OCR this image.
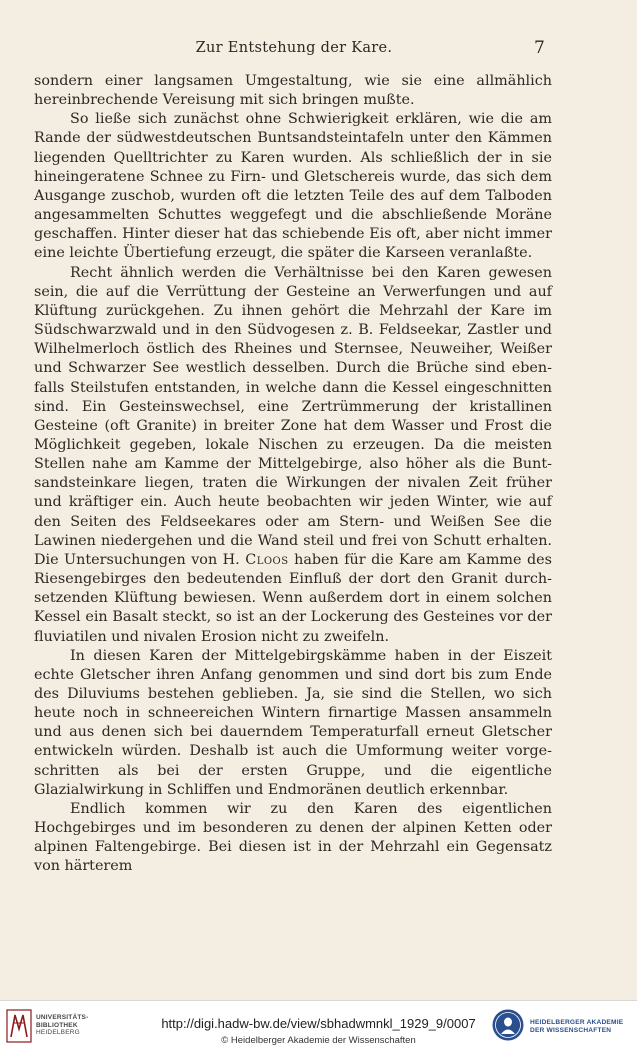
Zur Entstehung der Kare.	7

sondern einer langsamen Umgestaltung, wie sie eine allmählich hereinbrechende Vereisung mit sich bringen mußte.

So ließe sich zunächst ohne Schwierigkeit erklären, wie die am Rande der südwestdeutschen Buntsandsteintafeln unter den Kämmen liegenden Quelltrichter zu Karen wurden. Als schließlich der in sie hineingeratene Schnee zu Firn- und Gletschereis wurde, das sich dem Ausgange zuschob, wurden oft die letzten Teile des auf dem Talboden angesammelten Schuttes weggefegt und die abschließende Moräne geschaffen. Hinter dieser hat das schiebende Eis oft, aber nicht immer eine leichte Übertiefung erzeugt, die später die Karseen veranlaßte.

Recht ähnlich werden die Verhältnisse bei den Karen gewesen sein, die auf die Verrüttung der Gesteine an Verwerfungen und auf Klüftung zurückgehen. Zu ihnen gehört die Mehrzahl der Kare im Südschwarzwald und in den Südvogesen z. B. Feldseekar, Zastler und Wilhelmerloch östlich des Rheines und Sternsee, Neuweiher, Weißer und Schwarzer See westlich desselben. Durch die Brüche sind ebenfalls Steilstufen entstanden, in welche dann die Kessel eingeschnitten sind. Ein Gesteinswechsel, eine Zertrümmerung der kristallinen Gesteine (oft Granite) in breiter Zone hat dem Wasser und Frost die Möglichkeit gegeben, lokale Nischen zu erzeugen. Da die meisten Stellen nahe am Kamme der Mittelgebirge, also höher als die Buntsandsteinkare liegen, traten die Wirkungen der nivalen Zeit früher und kräftiger ein. Auch heute beobachten wir jeden Winter, wie auf den Seiten des Feldseekares oder am Stern- und Weißen See die Lawinen niedergehen und die Wand steil und frei von Schutt erhalten. Die Untersuchungen von H. Cloos haben für die Kare am Kamme des Riesengebirges den bedeutenden Einfluß der dort den Granit durchsetzenden Klüftung bewiesen. Wenn außerdem dort in einem solchen Kessel ein Basalt steckt, so ist an der Lockerung des Gesteines vor der fluviatilen und nivalen Erosion nicht zu zweifeln.

In diesen Karen der Mittelgebirgskämme haben in der Eiszeit echte Gletscher ihren Anfang genommen und sind dort bis zum Ende des Diluviums bestehen geblieben. Ja, sie sind die Stellen, wo sich heute noch in schneereichen Wintern firnartige Massen ansammeln und aus denen sich bei dauerndem Temperaturfall erneut Gletscher entwickeln würden. Deshalb ist auch die Umformung weiter vorgeschritten als bei der ersten Gruppe, und die eigentliche Glazialwirkung in Schliffen und Endmoränen deutlich erkennbar.

Endlich kommen wir zu den Karen des eigentlichen Hochgebirges und im besonderen zu denen der alpinen Ketten oder alpinen Faltengebirge. Bei diesen ist in der Mehrzahl ein Gegensatz von härterem

UNIVERSITÄTS-
BIBLIOTHEK
HEIDELBERG
http://digi.hadw-bw.de/view/sbhadwmnkl_1929_9/0007
© Heidelberger Akademie der Wissenschaften
HEIDELBERGER AKADEMIE
DER WISSENSCHAFTEN
